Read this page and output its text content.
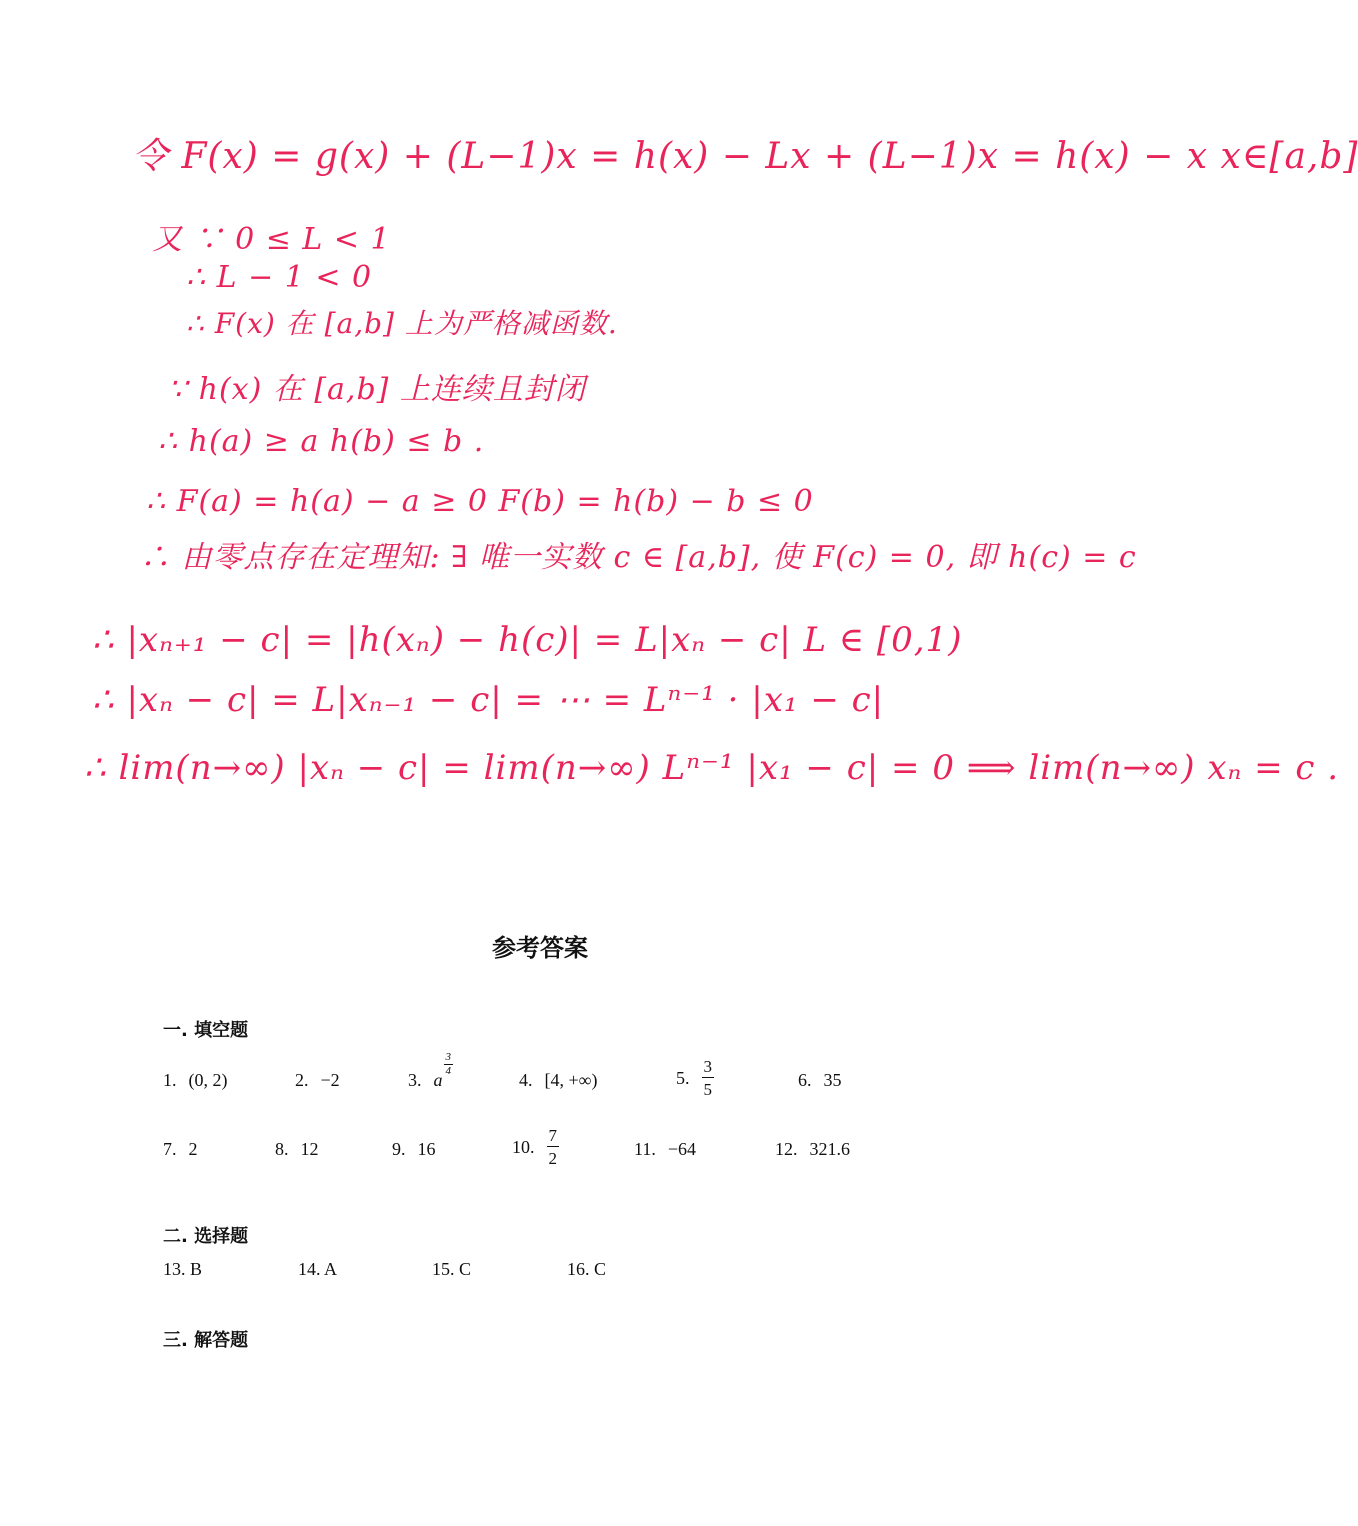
令 F(x) = g(x) + (L−1)x = h(x) − Lx + (L−1)x = h(x) − x x∈[a,b]

又 ∵ 0 ≤ L < 1

∴ L − 1 < 0

∴ F(x) 在 [a,b] 上为严格减函数.

∵ h(x) 在 [a,b] 上连续且封闭

∴ h(a) ≥ a h(b) ≤ b .

∴ F(a) = h(a) − a ≥ 0 F(b) = h(b) − b ≤ 0

∴ 由零点存在定理知: ∃ 唯一实数 c ∈ [a,b], 使 F(c) = 0, 即 h(c) = c

∴ |xₙ₊₁ − c| = |h(xₙ) − h(c)| = L|xₙ − c| L ∈ [0,1)

∴ |xₙ − c| = L|xₙ₋₁ − c| = ⋯ = Lⁿ⁻¹ · |x₁ − c|

∴ lim(n→∞) |xₙ − c| = lim(n→∞) Lⁿ⁻¹ |x₁ − c| = 0 ⟹ lim(n→∞) xₙ = c .

参考答案
一. 填空题
1. (0, 2)	2. −2	3. a
$\frac{3}{4}$
4. [4, +∞)	5. $\frac{3}{5}$	6. 35
7. 2	8. 12	9. 16	10. $\frac{7}{2}$	11. −64	12. 321.6
二. 选择题
13. B	14. A	15. C	16. C
三. 解答题
